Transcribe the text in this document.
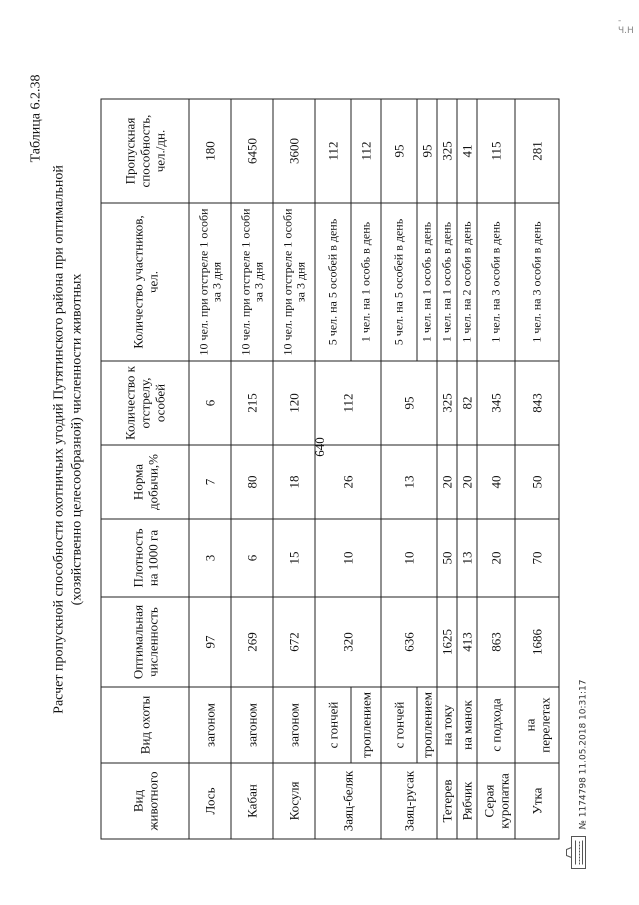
640
- Ч.Н
Таблица 6.2.38
Расчет пропускной способности охотничьих угодий Путятинского района при оптимальной (хозяйственно целесообразной) численности животных
Вид животного	Вид охоты	Оптимальная численность	Плотность на 1000 га	Норма добычи,%	Количество к отстрелу, особей	Количество участников, чел.	Пропускная способность, чел./дн.
Лось	загоном	97	3	7	6	10 чел. при отстреле 1 особи за 3 дня	180
Кабан	загоном	269	6	80	215	10 чел. при отстреле 1 особи за 3 дня	6450
Косуля	загоном	672	15	18	120	10 чел. при отстреле 1 особи за 3 дня	3600
Заяц-беляк	с гончей	320	10	26	112	5 чел. на 5 особей в день	112
	троплением					1 чел. на 1 особь в день	112
Заяц-русак	с гончей	636	10	13	95	5 чел. на 5 особей в день	95
	троплением					1 чел. на 1 особь в день	95
Тетерев	на току	1625	50	20	325	1 чел. на 1 особь в день	325
Рябчик	на манок	413	13	20	82	1 чел. на 2 особи в день	41
Серая куропатка	с подхода	863	20	40	345	1 чел. на 3 особи в день	115
Утка	на перелетах	1686	70	50	843	1 чел. на 3 особи в день	281
№ 1174798 11.05.2018 10:31:17
